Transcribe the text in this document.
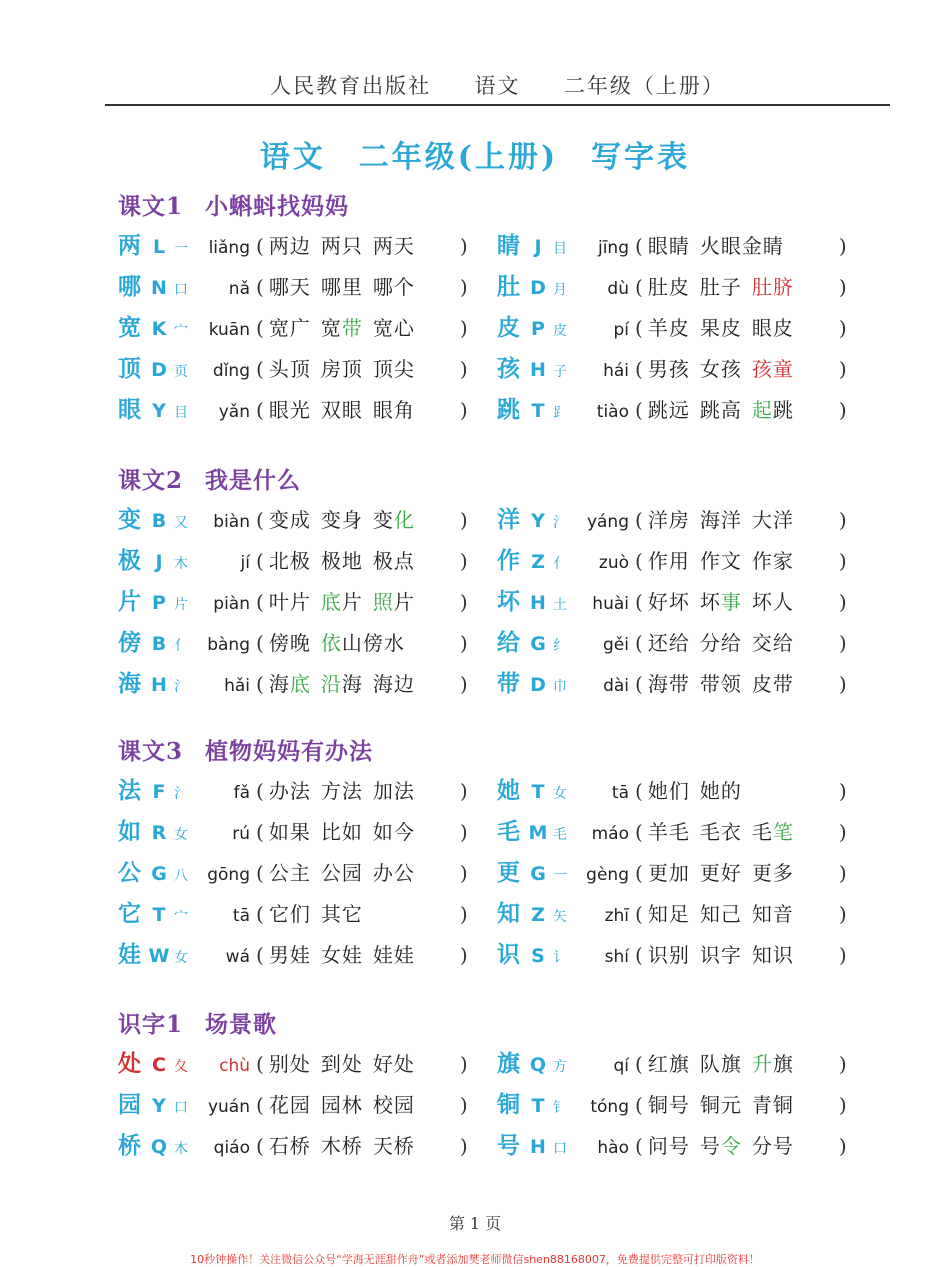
人民教育出版社 语文 二年级（上册）
语文　二年级(上册)　写字表
课文1 小蝌蚪找妈妈
两 L 一 liǎng ( 两边 两只 两天 ) 睛 J 目 jīng ( 眼睛 火眼金睛	)
哪 N 口 nǎ ( 哪天 哪里 哪个 ) 肚 D 月 dù ( 肚皮 肚子 肚脐 )
宽 K 宀 kuān ( 宽广 宽带 宽心 ) 皮 P 皮	pí ( 羊皮 果皮 眼皮 )
顶 D 页 dǐng ( 头顶 房顶 顶尖 ) 孩 H 子 hái ( 男孩 女孩 孩童 )
眼 Y 目 yǎn ( 眼光 双眼 眼角 ) 跳 T ⻊ tiào ( 跳远 跳高 起跳 )
课文2 我是什么
变 B 又 biàn ( 变成 变身 变化 ) 洋 Y 氵 yáng ( 洋房 海洋 大洋 )
极 J 木	jí ( 北极 极地 极点 ) 作 Z 亻 zuò ( 作用 作文 作家 )
片 P 片 piàn ( 叶片 底片 照片 ) 坏 H 土 huài ( 好坏 坏事 坏人 )
傍 B 亻 bàng ( 傍晚 依山傍水	) 给 G 纟 gěi ( 还给 分给 交给 )
海 H 氵 hǎi ( 海底 沿海 海边 ) 带 D 巾 dài ( 海带 带领 皮带 )
课文3 植物妈妈有办法
法 F 氵	fǎ ( 办法 方法 加法 ) 她 T 女	tā ( 她们 她的	)
如 R 女	rú ( 如果 比如 如今 ) 毛 M 毛 máo ( 羊毛 毛衣 毛笔 )
公 G 八 gōng ( 公主 公园 办公 ) 更 G 一 gèng ( 更加 更好 更多 )
它 T 宀	tā ( 它们 其它	) 知 Z 矢 zhī ( 知足 知己 知音 )
娃 W 女 wá ( 男娃 女娃 娃娃 ) 识 S 讠 shí ( 识别 识字 知识 )
识字1 场景歌
处 C 夂 chù ( 别处 到处 好处 ) 旗 Q 方	qí ( 红旗 队旗 升旗 )
园 Y 口 yuán ( 花园 园林 校园 ) 铜 T 钅 tóng ( 铜号 铜元 青铜 )
桥 Q 木 qiáo ( 石桥 木桥 天桥 ) 号 H 口 hào ( 问号 号令 分号 )
第 1 页
10秒钟操作！关注微信公众号“学海无涯甜作舟”或者添加樊老师微信shen88168007，免费提供完整可打印版资料！
